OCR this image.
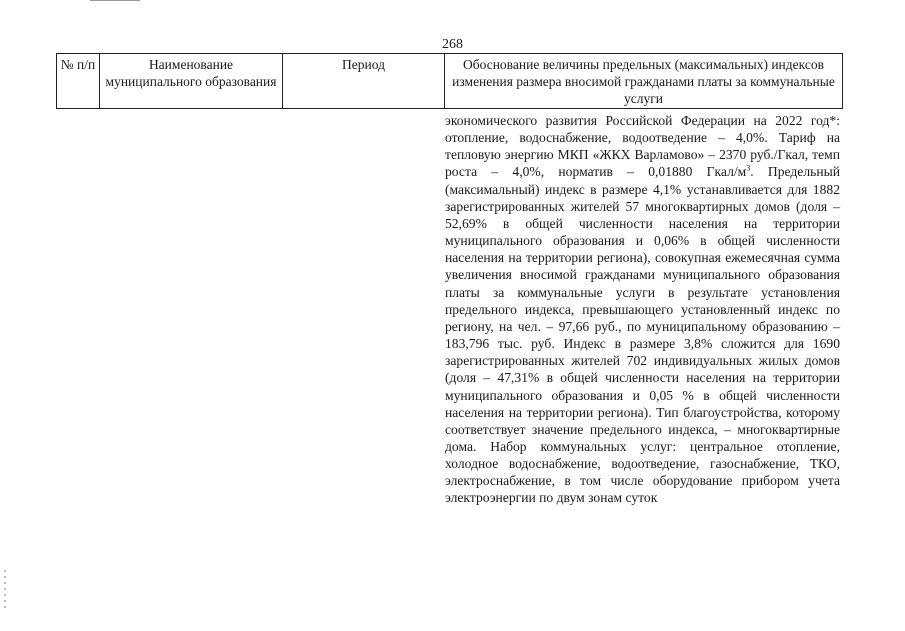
268
№ п/п	Наименование муниципального образования
Период	Обоснование величины предельных (максимальных) индексов изменения размера вносимой гражданами платы за коммунальные услуги

экономического развития Российской Федерации на 2022 год*: отопление, водоснабжение, водоотведение – 4,0%. Тариф на тепловую энергию МКП «ЖКХ Варламово» – 2370 руб./Гкал, темп роста – 4,0%, норматив – 0,01880 Гкал/$м^3$. Предельный (максимальный) индекс в размере 4,1% устанавливается для 1882 зарегистрированных жителей 57 многоквартирных домов (доля – 52,69% в общей численности населения на территории муниципального образования и 0,06% в общей численности населения на территории региона), совокупная ежемесячная сумма увеличения вносимой гражданами муниципального образования платы за коммунальные услуги в результате установления предельного индекса, превышающего установленный индекс по региону, на чел. – 97,66 руб., по муниципальному образованию – 183,796 тыс. руб. Индекс в размере 3,8% сложится для 1690 зарегистрированных жителей 702 индивидуальных жилых домов (доля – 47,31% в общей численности населения на территории муниципального образования и 0,05 % в общей численности населения на территории региона). Тип благоустройства, которому соответствует значение предельного индекса, – многоквартирные дома. Набор коммунальных услуг: центральное отопление, холодное водоснабжение, водоотведение, газоснабжение, ТКО, электроснабжение, в том числе оборудование прибором учета электроэнергии по двум зонам суток
